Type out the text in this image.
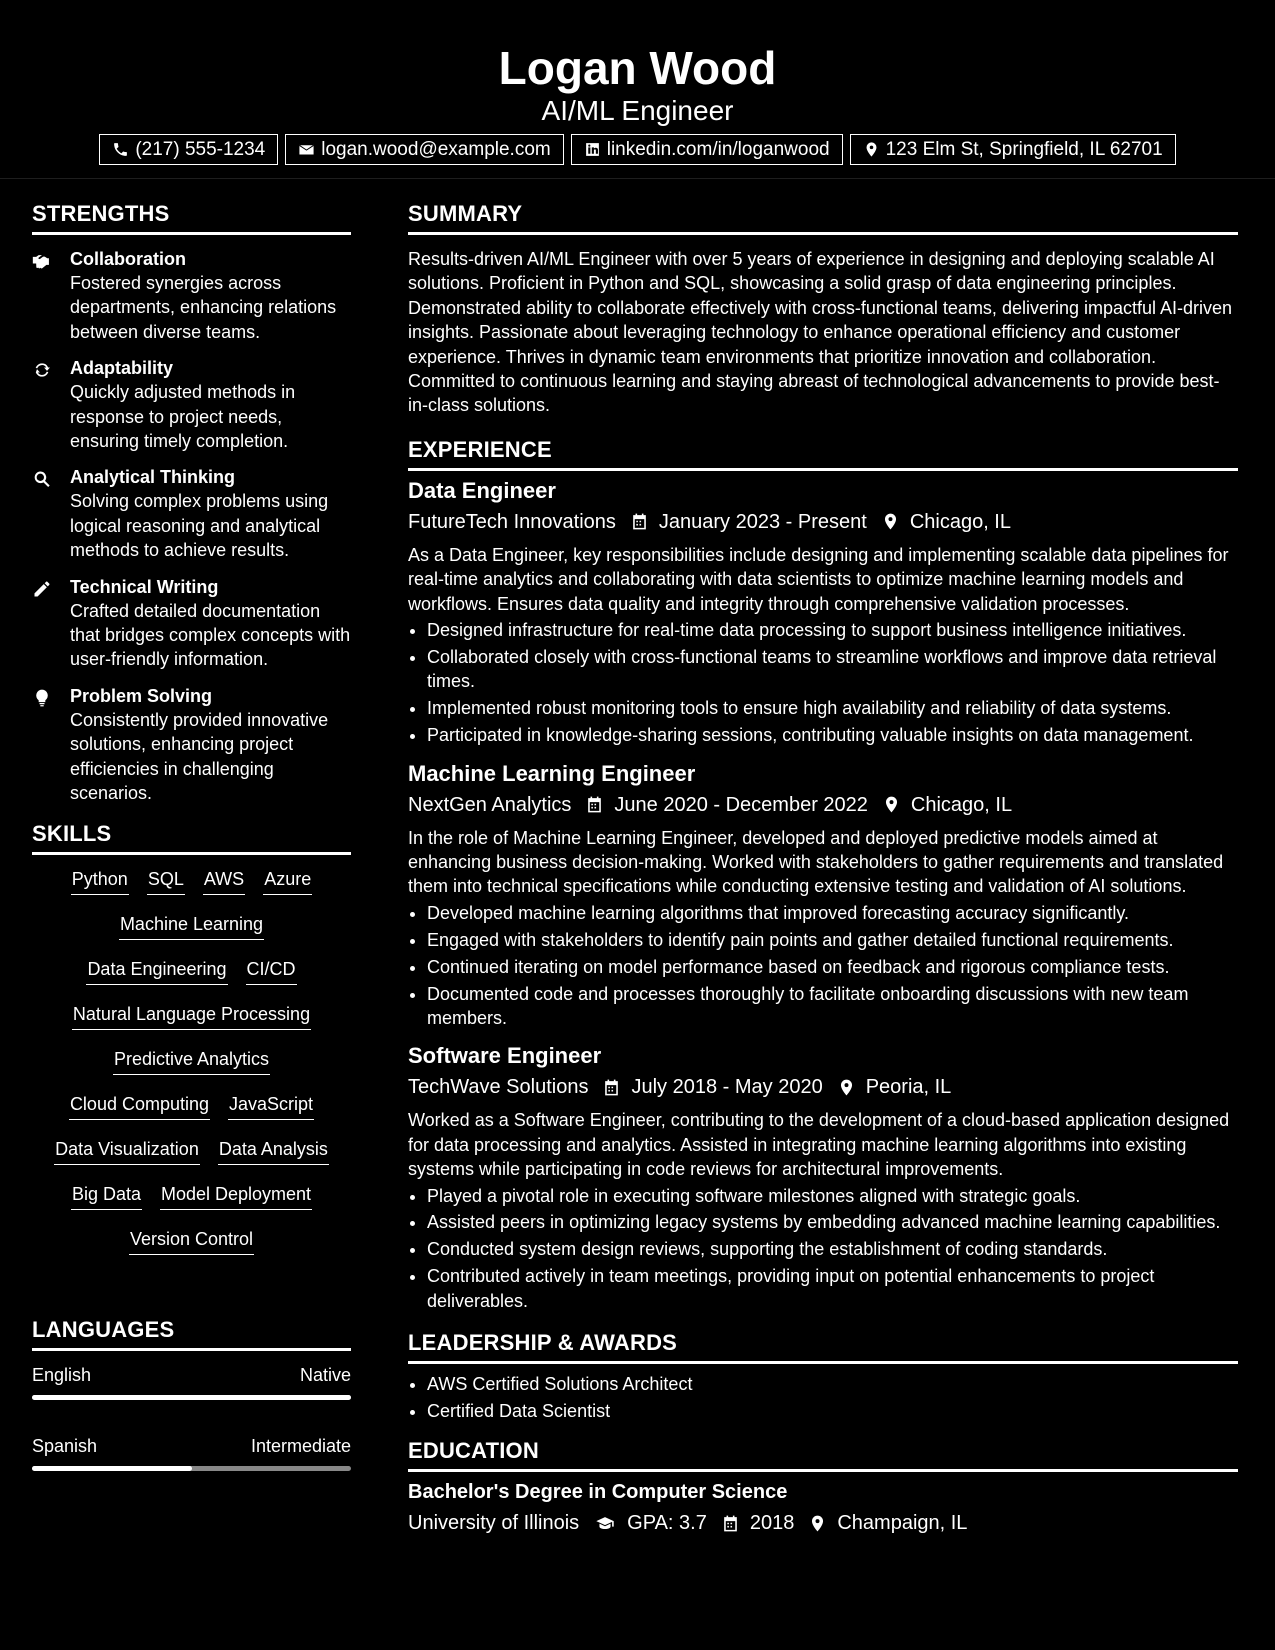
Logan Wood
AI/ML Engineer
(217) 555-1234	logan.wood@example.com	linkedin.com/in/loganwood	123 Elm St, Springfield, IL 62701
STRENGTHS
Collaboration
Fostered synergies across departments, enhancing relations between diverse teams.
Adaptability
Quickly adjusted methods in response to project needs, ensuring timely completion.
Analytical Thinking
Solving complex problems using logical reasoning and analytical methods to achieve results.
Technical Writing
Crafted detailed documentation that bridges complex concepts with user-friendly information.
Problem Solving
Consistently provided innovative solutions, enhancing project efficiencies in challenging scenarios.
SKILLS
Python SQL AWS Azure
Machine Learning
Data Engineering CI/CD
Natural Language Processing
Predictive Analytics
Cloud Computing JavaScript
Data Visualization Data Analysis
Big Data Model Deployment
Version Control
LANGUAGES
English	Native
Spanish	Intermediate
SUMMARY
Results-driven AI/ML Engineer with over 5 years of experience in designing and deploying scalable AI solutions. Proficient in Python and SQL, showcasing a solid grasp of data engineering principles. Demonstrated ability to collaborate effectively with cross-functional teams, delivering impactful AI-driven insights. Passionate about leveraging technology to enhance operational efficiency and customer experience. Thrives in dynamic team environments that prioritize innovation and collaboration. Committed to continuous learning and staying abreast of technological advancements to provide best-in-class solutions.
EXPERIENCE
Data Engineer
FutureTech Innovations January 2023 - Present Chicago, IL
As a Data Engineer, key responsibilities include designing and implementing scalable data pipelines for real-time analytics and collaborating with data scientists to optimize machine learning models and workflows. Ensures data quality and integrity through comprehensive validation processes.
• Designed infrastructure for real-time data processing to support business intelligence initiatives.
• Collaborated closely with cross-functional teams to streamline workflows and improve data retrieval times.
• Implemented robust monitoring tools to ensure high availability and reliability of data systems.
• Participated in knowledge-sharing sessions, contributing valuable insights on data management.
Machine Learning Engineer
NextGen Analytics June 2020 - December 2022 Chicago, IL
In the role of Machine Learning Engineer, developed and deployed predictive models aimed at enhancing business decision-making. Worked with stakeholders to gather requirements and translated them into technical specifications while conducting extensive testing and validation of AI solutions.
• Developed machine learning algorithms that improved forecasting accuracy significantly.
• Engaged with stakeholders to identify pain points and gather detailed functional requirements.
• Continued iterating on model performance based on feedback and rigorous compliance tests.
• Documented code and processes thoroughly to facilitate onboarding discussions with new team members.
Software Engineer
TechWave Solutions July 2018 - May 2020 Peoria, IL
Worked as a Software Engineer, contributing to the development of a cloud-based application designed for data processing and analytics. Assisted in integrating machine learning algorithms into existing systems while participating in code reviews for architectural improvements.
• Played a pivotal role in executing software milestones aligned with strategic goals.
• Assisted peers in optimizing legacy systems by embedding advanced machine learning capabilities.
• Conducted system design reviews, supporting the establishment of coding standards.
• Contributed actively in team meetings, providing input on potential enhancements to project deliverables.
LEADERSHIP & AWARDS
• AWS Certified Solutions Architect
• Certified Data Scientist
EDUCATION
Bachelor's Degree in Computer Science
University of Illinois GPA: 3.7 2018 Champaign, IL
